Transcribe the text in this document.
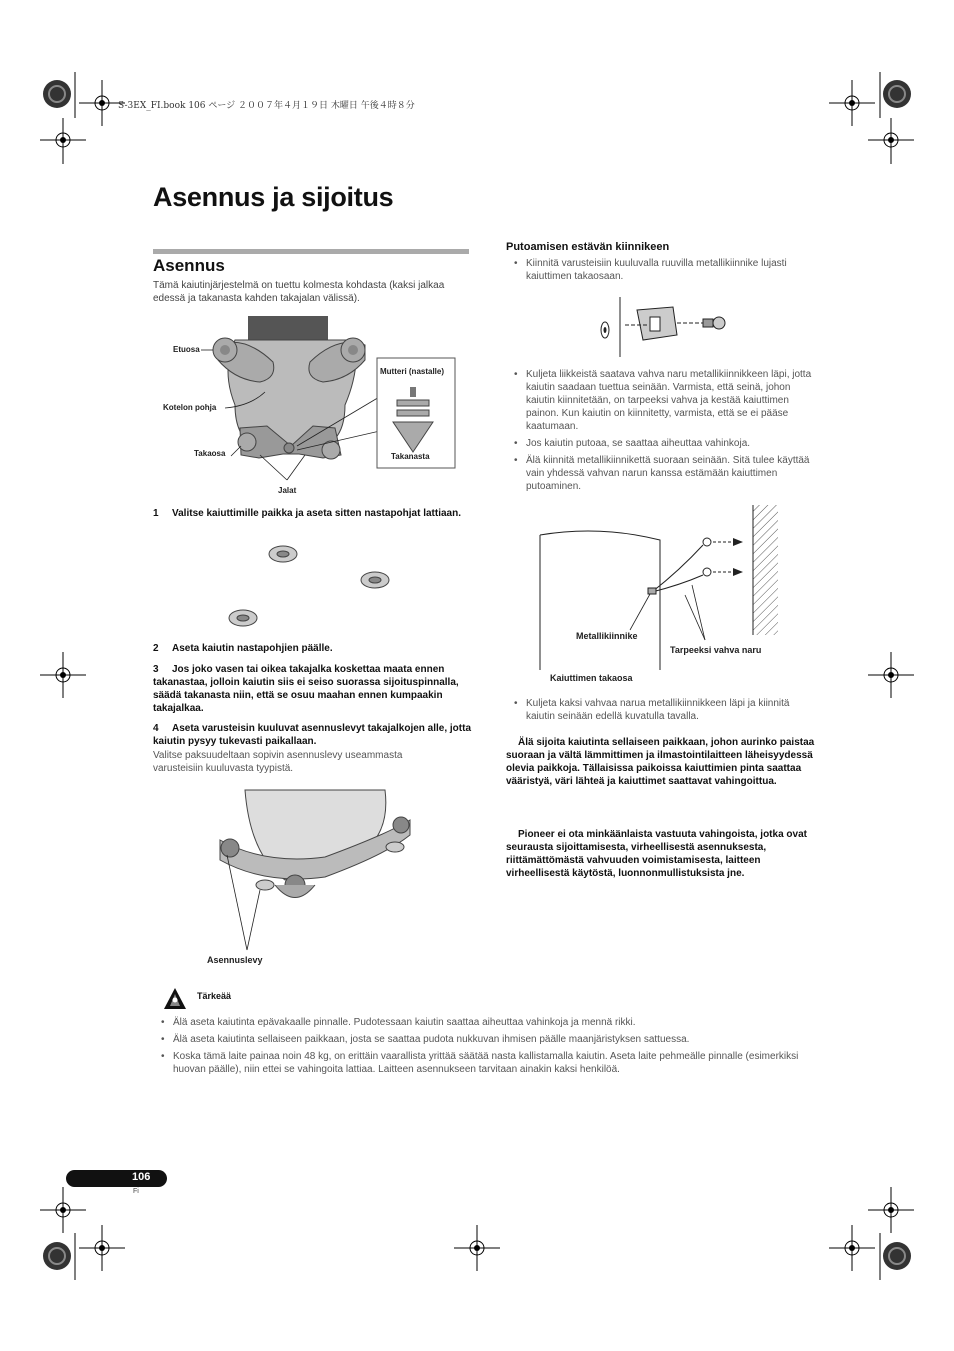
S-3EX_FI.book 106 ページ ２００７年４月１９日 木曜日 午後４時８分
Asennus ja sijoitus
Asennus

Tämä kaiutinjärjestelmä on tuettu kolmesta kohdasta (kaksi jalkaa edessä ja takanasta kahden takajalan välissä).

Etuosa
Kotelon pohja
Takaosa
Jalat
Mutteri (nastalle)
Takanasta

1 Valitse kaiuttimille paikka ja aseta sitten nastapohjat lattiaan.

2 Aseta kaiutin nastapohjien päälle.

3 Jos joko vasen tai oikea takajalka koskettaa maata ennen takanastaa, jolloin kaiutin siis ei seiso suorassa sijoituspinnalla, säädä takanasta niin, että se osuu maahan ennen kumpaakin takajalkaa.

4 Aseta varusteisin kuuluvat asennuslevyt takajalkojen alle, jotta kaiutin pysyy tukevasti paikallaan.

Valitse paksuudeltaan sopivin asennuslevy useammasta varusteisiin kuuluvasta tyypistä.

Asennuslevy
Putoamisen estävän kiinnikeen
• Kiinnitä varusteisiin kuuluvalla ruuvilla metallikiinnike lujasti kaiuttimen takaosaan.
• Kuljeta liikkeistä saatava vahva naru metallikiinnikkeen läpi, jotta kaiutin saadaan tuettua seinään. Varmista, että seinä, johon kaiutin kiinnitetään, on tarpeeksi vahva ja kestää kaiuttimen painon. Kun kaiutin on kiinnitetty, varmista, että se ei pääse kaatumaan.
• Jos kaiutin putoaa, se saattaa aiheuttaa vahinkoja.
• Älä kiinnitä metallikiinnikettä suoraan seinään. Sitä tulee käyttää vain yhdessä vahvan narun kanssa estämään kaiuttimen putoaminen.
Metallikiinnike
Tarpeeksi vahva naru
Kaiuttimen takaosa
• Kuljeta kaksi vahvaa narua metallikiinnikkeen läpi ja kiinnitä kaiutin seinään edellä kuvatulla tavalla.

Älä sijoita kaiutinta sellaiseen paikkaan, johon aurinko paistaa suoraan ja vältä lämmittimen ja ilmastointilaitteen läheisyydessä olevia paikkoja. Tällaisissa paikoissa kaiuttimien pinta saattaa vääristyä, väri lähteä ja kaiuttimet saattavat vahingoittua.

Pioneer ei ota minkäänlaista vastuuta vahingoista, jotka ovat seurausta sijoittamisesta, virheellisestä asennuksesta, riittämättömästä vahvuuden voimistamisesta, laitteen virheellisestä käytöstä, luonnonmullistuksista jne.

Tärkeää
• Älä aseta kaiutinta epävakaalle pinnalle. Pudotessaan kaiutin saattaa aiheuttaa vahinkoja ja mennä rikki.
• Älä aseta kaiutinta sellaiseen paikkaan, josta se saattaa pudota nukkuvan ihmisen päälle maanjäristyksen sattuessa.
• Koska tämä laite painaa noin 48 kg, on erittäin vaarallista yrittää säätää nasta kallistamalla kaiutin. Aseta laite pehmeälle pinnalle (esimerkiksi huovan päälle), niin ettei se vahingoita lattiaa. Laitteen asennukseen tarvitaan ainakin kaksi henkilöä.
106
Fi
